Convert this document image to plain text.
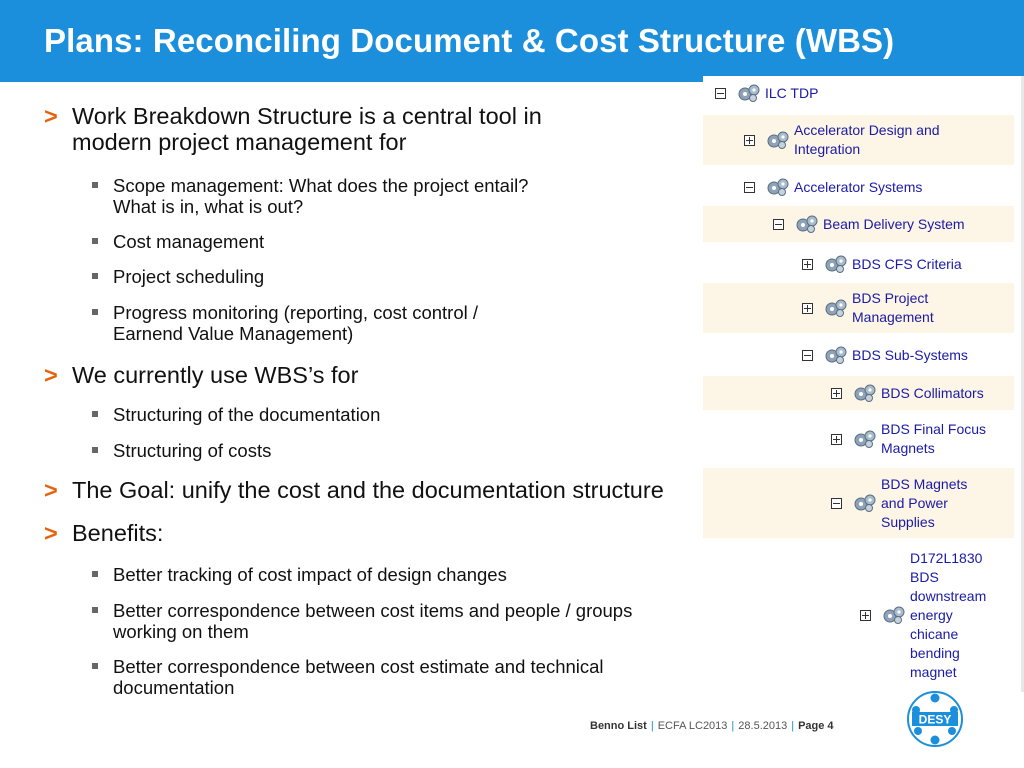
Plans: Reconciling Document & Cost Structure (WBS)
> Work Breakdown Structure is a central tool in
modern project management for
Scope management: What does the project entail?
What is in, what is out?
Cost management
Project scheduling
Progress monitoring (reporting, cost control /
Earnend Value Management)
> We currently use WBS’s for
Structuring of the documentation
Structuring of costs
> The Goal: unify the cost and the documentation structure
> Benefits:
Better tracking of cost impact of design changes
Better correspondence between cost items and people / groups
working on them
Better correspondence between cost estimate and technical
documentation
ILC TDP
Accelerator Design and
Integration
Accelerator Systems
Beam Delivery System
BDS CFS Criteria
BDS Project
Management
BDS Sub-Systems
BDS Collimators
BDS Final Focus
Magnets
BDS Magnets
and Power
Supplies
D172L1830
BDS
downstream
energy
chicane
bending
magnet
Benno List | ECFA LC2013 | 28.5.2013 | Page 4	DESY
